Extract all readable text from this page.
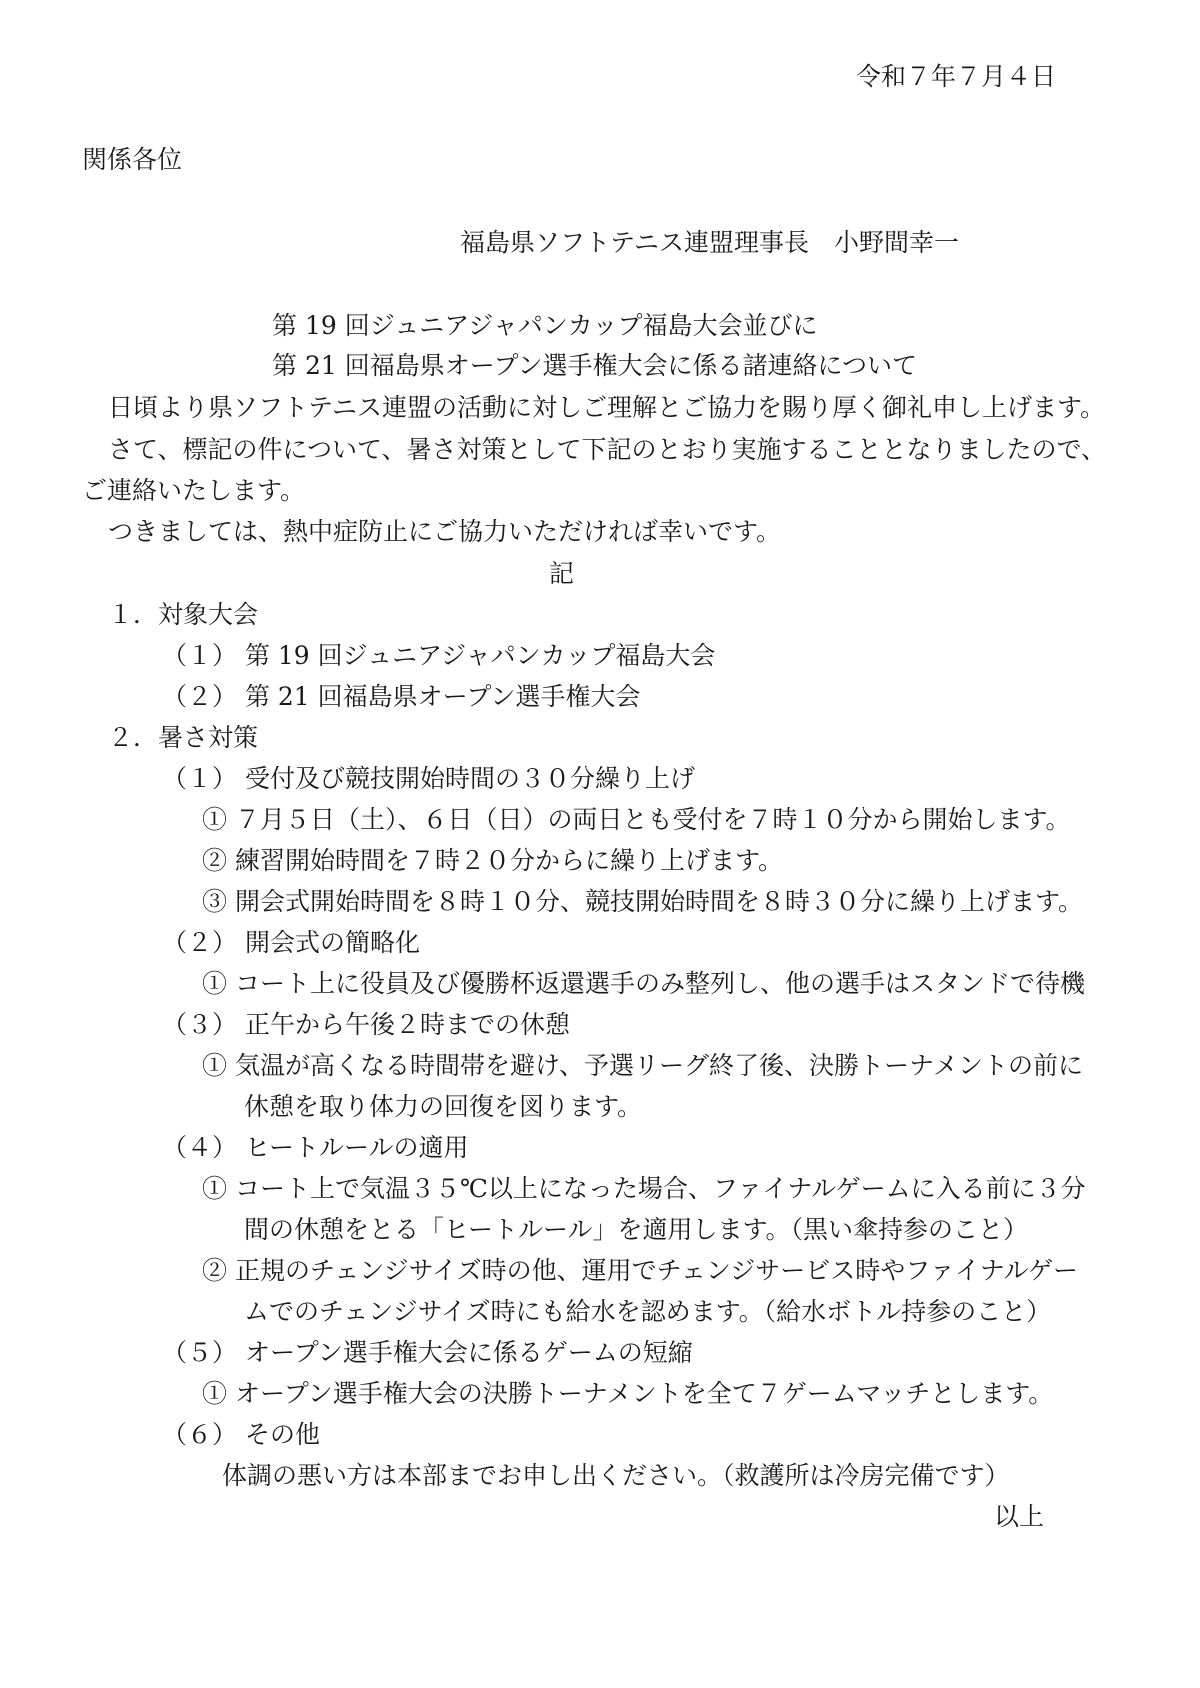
令和７年７月４日
関係各位
福島県ソフトテニス連盟理事長　小野間幸一
第 19 回ジュニアジャパンカップ福島大会並びに
第 21 回福島県オープン選手権大会に係る諸連絡について
日頃より県ソフトテニス連盟の活動に対しご理解とご協力を賜り厚く御礼申し上げます。
さて、標記の件について、暑さ対策として下記のとおり実施することとなりましたので、
ご連絡いたします。
つきましては、熱中症防止にご協力いただければ幸いです。
記
１．対象大会
（１） 第 19 回ジュニアジャパンカップ福島大会
（２） 第 21 回福島県オープン選手権大会
２．暑さ対策
（１） 受付及び競技開始時間の３０分繰り上げ
① ７月５日（土）、６日（日）の両日とも受付を７時１０分から開始します。
② 練習開始時間を７時２０分からに繰り上げます。
③ 開会式開始時間を８時１０分、競技開始時間を８時３０分に繰り上げます。
（２） 開会式の簡略化
① コート上に役員及び優勝杯返還選手のみ整列し、他の選手はスタンドで待機
（３） 正午から午後２時までの休憩
① 気温が高くなる時間帯を避け、予選リーグ終了後、決勝トーナメントの前に
休憩を取り体力の回復を図ります。
（４） ヒートルールの適用
① コート上で気温３５℃以上になった場合、ファイナルゲームに入る前に３分
間の休憩をとる「ヒートルール」を適用します。（黒い傘持参のこと）
② 正規のチェンジサイズ時の他、運用でチェンジサービス時やファイナルゲー
ムでのチェンジサイズ時にも給水を認めます。（給水ボトル持参のこと）
（５） オープン選手権大会に係るゲームの短縮
① オープン選手権大会の決勝トーナメントを全て７ゲームマッチとします。
（６） その他
体調の悪い方は本部までお申し出ください。（救護所は冷房完備です）
以上
